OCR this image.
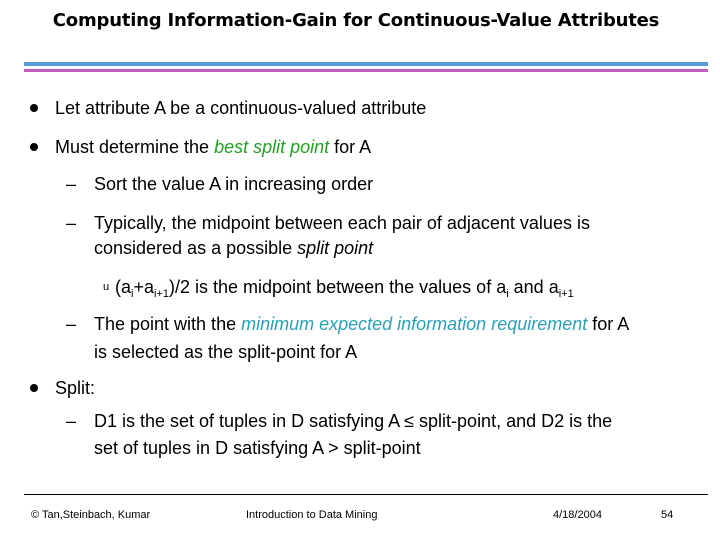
Computing Information-Gain for Continuous-Value Attributes
Let attribute A be a continuous-valued attribute
Must determine the best split point for A
– Sort the value A in increasing order
– Typically, the midpoint between each pair of adjacent values is
considered as a possible split point
u $(a_i+a_{i+1})/2$ is the midpoint between the values of $a_i$ and $a_{i+1}$
– The point with the minimum expected information requirement for A
is selected as the split-point for A
Split:
– D1 is the set of tuples in D satisfying A ≤ split-point, and D2 is the
set of tuples in D satisfying A > split-point
© Tan,Steinbach, Kumar	Introduction to Data Mining	4/18/2004	54
